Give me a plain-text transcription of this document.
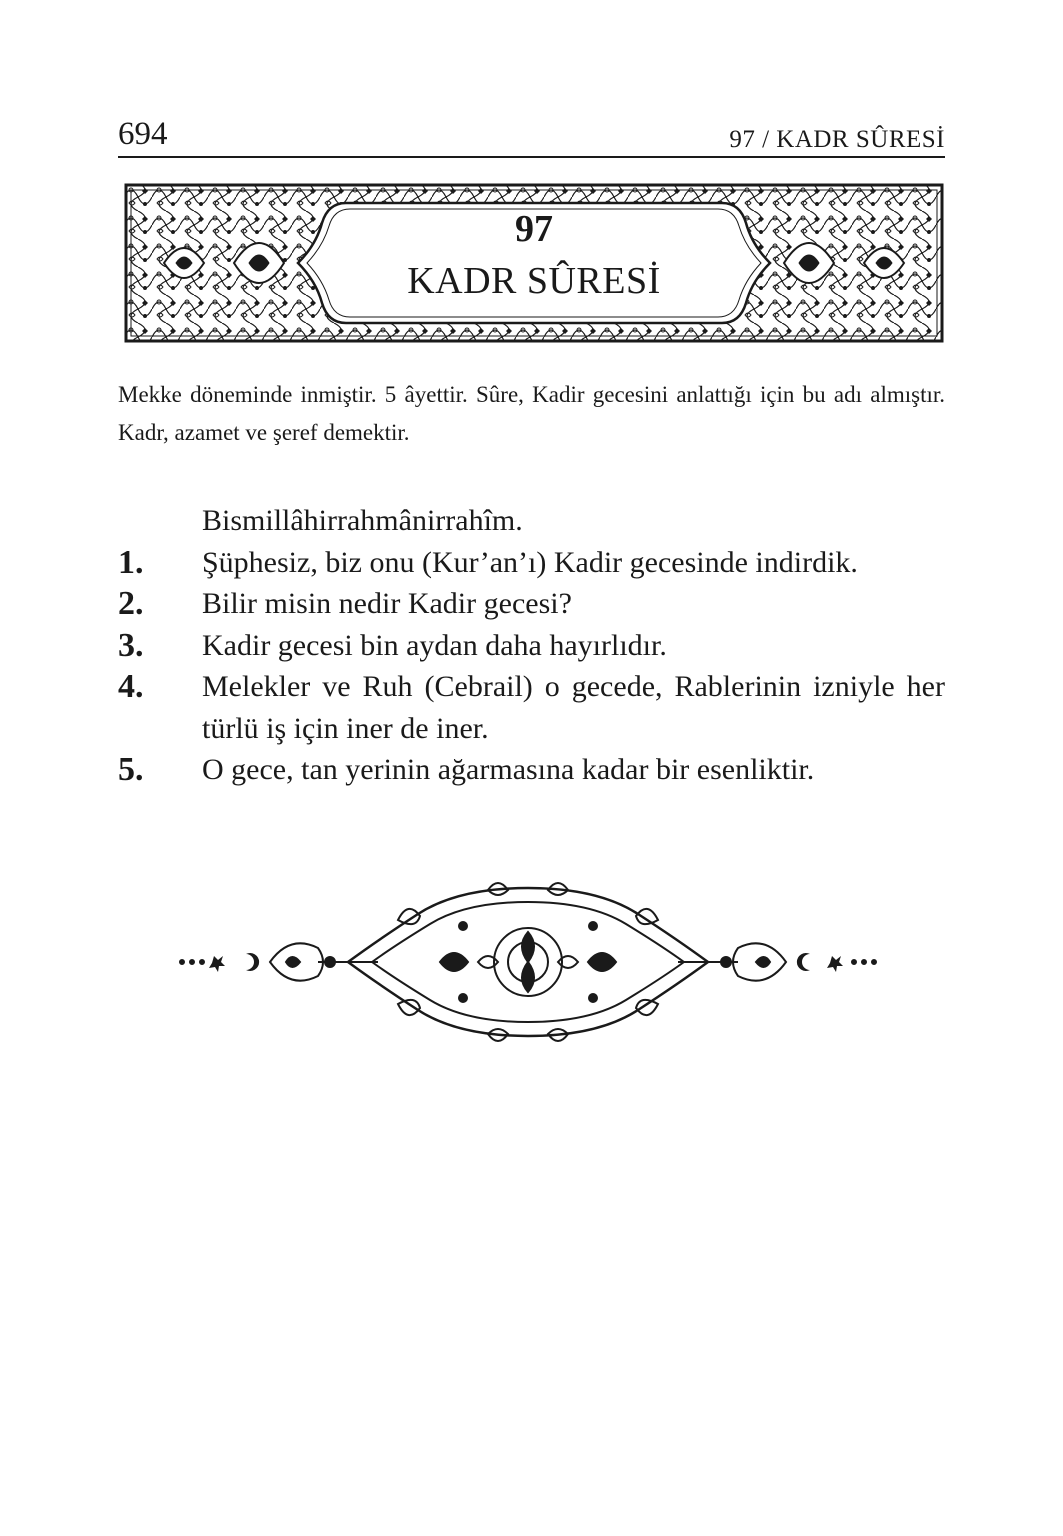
694	97 / KADR SÛRESİ
97
KADR SÛRESİ
Mekke döneminde inmiştir. 5 âyettir. Sûre, Kadir gecesini anlattığı için bu adı almıştır. Kadr, azamet ve şeref demektir.
Bismillâhirrahmânirrahîm.
1.	Şüphesiz, biz onu (Kur’an’ı) Kadir gecesinde indirdik.
2.	Bilir misin nedir Kadir gecesi?
3.	Kadir gecesi bin aydan daha hayırlıdır.
4.	Melekler ve Ruh (Cebrail) o gecede, Rablerinin izniyle her
türlü iş için iner de iner.
5.	O gece, tan yerinin ağarmasına kadar bir esenliktir.
